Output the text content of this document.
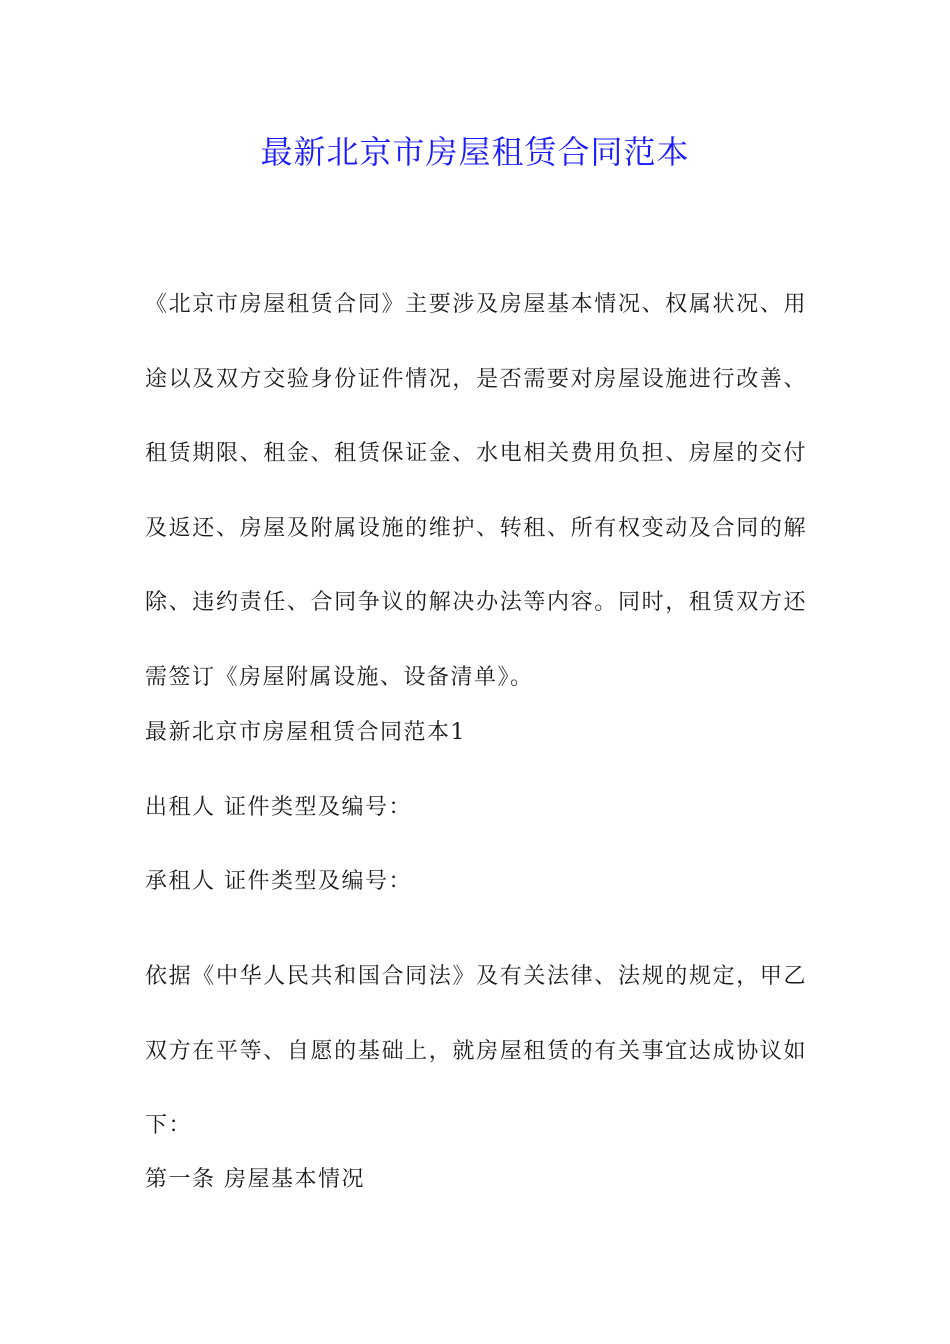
最新北京市房屋租赁合同范本
《北京市房屋租赁合同》主要涉及房屋基本情况、权属状况、用途以及双方交验身份证件情况，是否需要对房屋设施进行改善、租赁期限、租金、租赁保证金、水电相关费用负担、房屋的交付及返还、房屋及附属设施的维护、转租、所有权变动及合同的解除、违约责任、合同争议的解决办法等内容。同时，租赁双方还需签订《房屋附属设施、设备清单》。
最新北京市房屋租赁合同范本1
出租人 证件类型及编号：
承租人 证件类型及编号：
依据《中华人民共和国合同法》及有关法律、法规的规定，甲乙双方在平等、自愿的基础上，就房屋租赁的有关事宜达成协议如下：
第一条 房屋基本情况
